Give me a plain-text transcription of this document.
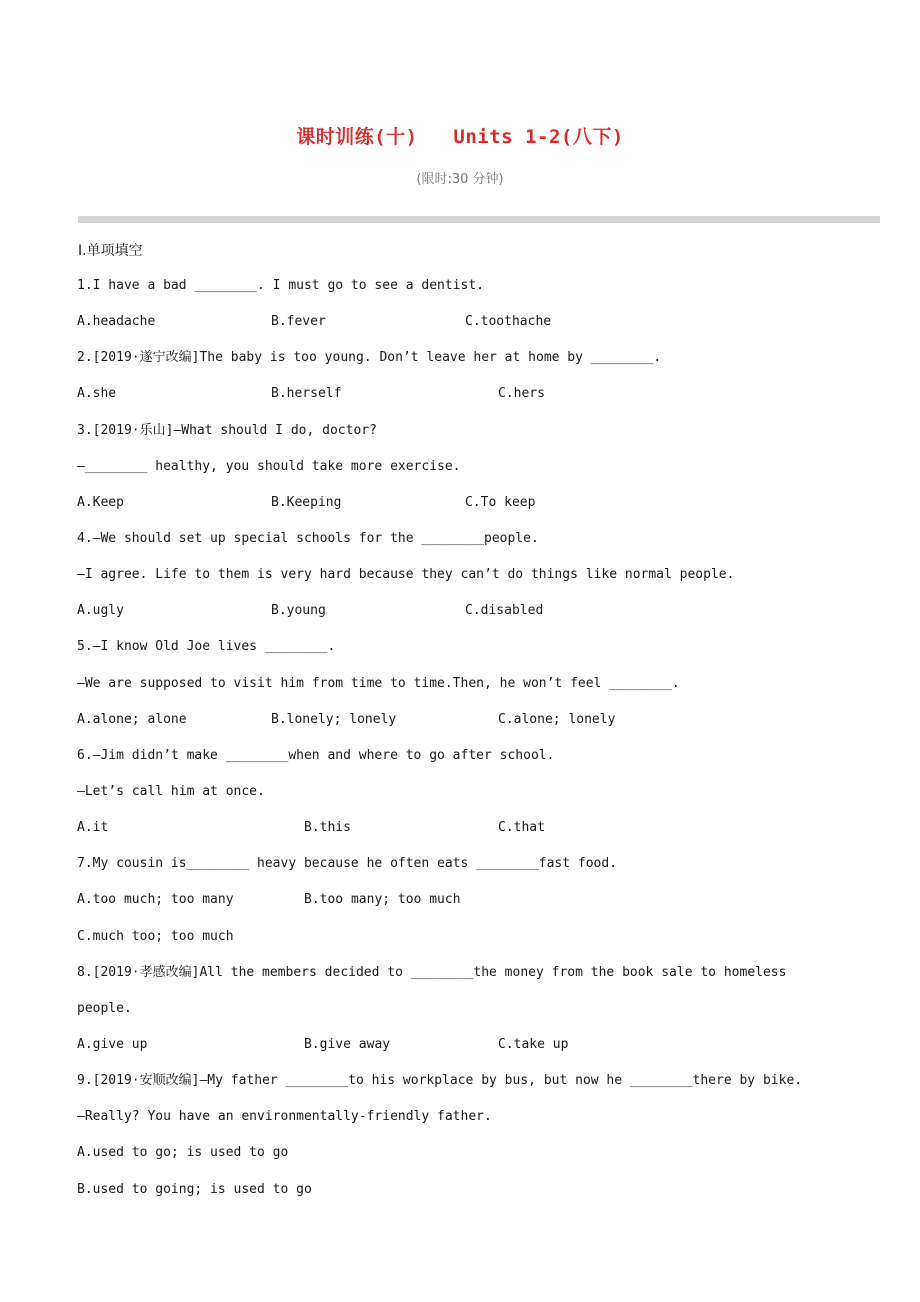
课时训练(十)   Units 1-2(八下)
(限时:30 分钟)
Ⅰ.单项填空
1.I have a bad ________. I must go to see a dentist.

A.headache

	B.fever

	C.toothache

2.[2019·遂宁改编]The baby is too young. Don’t leave her at home by ________.

A.she

	B.herself

	C.hers

3.[2019·乐山]—What should I do, doctor?
—________ healthy, you should take more exercise.

A.Keep

	B.Keeping

	C.To keep

4.—We should set up special schools for the ________people.
—I agree. Life to them is very hard because they can’t do things like normal people.

A.ugly

	B.young

	C.disabled

5.—I know Old Joe lives ________.
—We are supposed to visit him from time to time.Then, he won’t feel ________.

A.alone; alone

	B.lonely; lonely

	C.alone; lonely

6.—Jim didn’t make ________when and where to go after school.
—Let’s call him at once.

A.it

	B.this

	C.that

7.My cousin is________ heavy because he often eats ________fast food.

A.too much; too many

	B.too many; too much

C.much too; too much
8.[2019·孝感改编]All the members decided to ________the money from the book sale to homeless
people.

A.give up

	B.give away

	C.take up

9.[2019·安顺改编]—My father ________to his workplace by bus, but now he ________there by bike.
—Really? You have an environmentally-friendly father.
A.used to go; is used to go
B.used to going; is used to go
